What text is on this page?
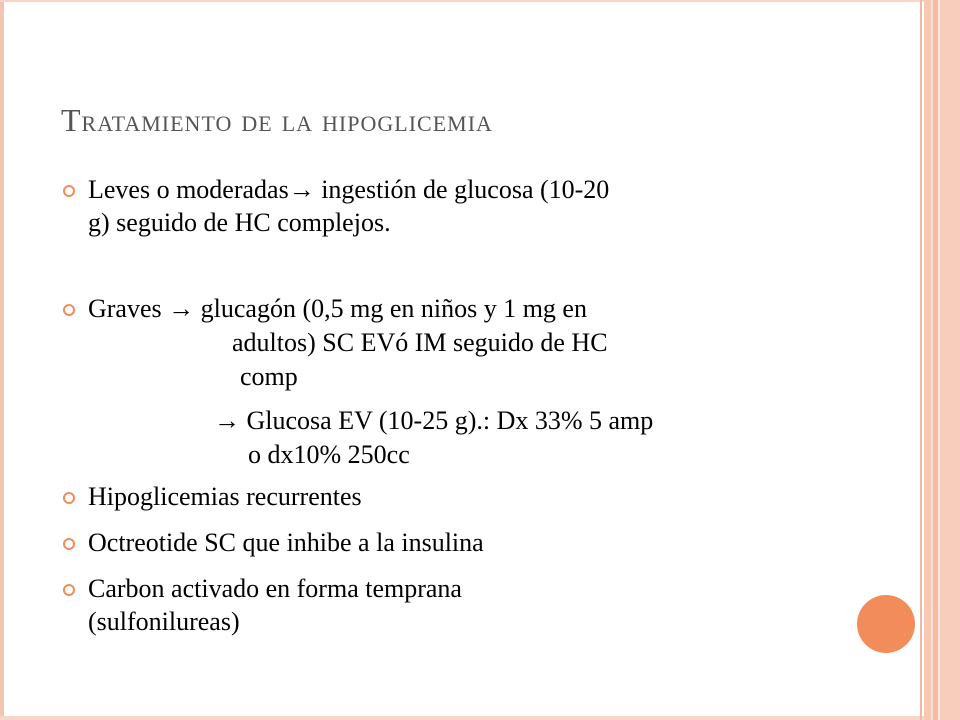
Tratamiento de la hipoglicemia

Leves o moderadas→ ingestión de glucosa (10-20

g) seguido de HC complejos.

Graves → glucagón (0,5 mg en niños y 1 mg en

adultos) SC EVó IM seguido de HC

comp

→ Glucosa EV (10-25 g).: Dx 33% 5 amp

o dx10% 250cc

Hipoglicemias recurrentes

Octreotide SC que inhibe a la insulina

Carbon activado en forma temprana

(sulfonilureas)
